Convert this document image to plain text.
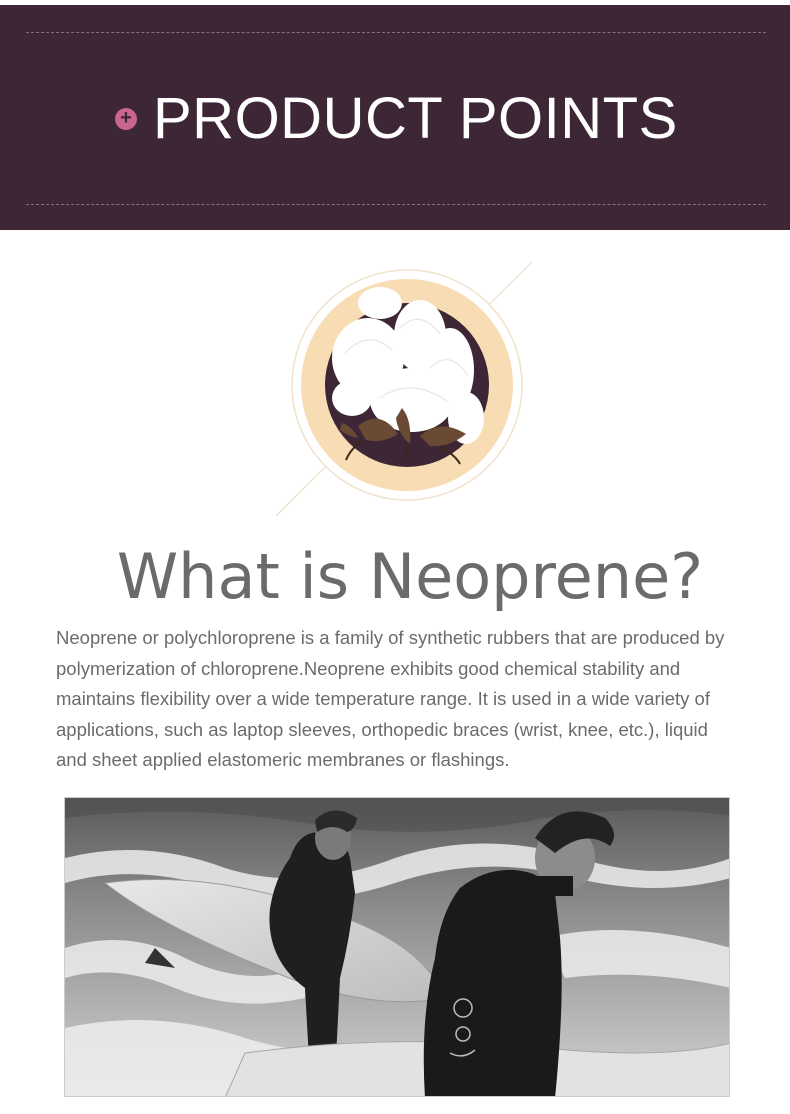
+ PRODUCT POINTS
What is Neoprene?
Neoprene or polychloroprene is a family of synthetic rubbers that are produced by polymerization of chloroprene.Neoprene exhibits good chemical stability and maintains flexibility over a wide temperature range. It is used in a wide variety of applications, such as laptop sleeves, orthopedic braces (wrist, knee, etc.), liquid and sheet applied elastomeric membranes or flashings.
